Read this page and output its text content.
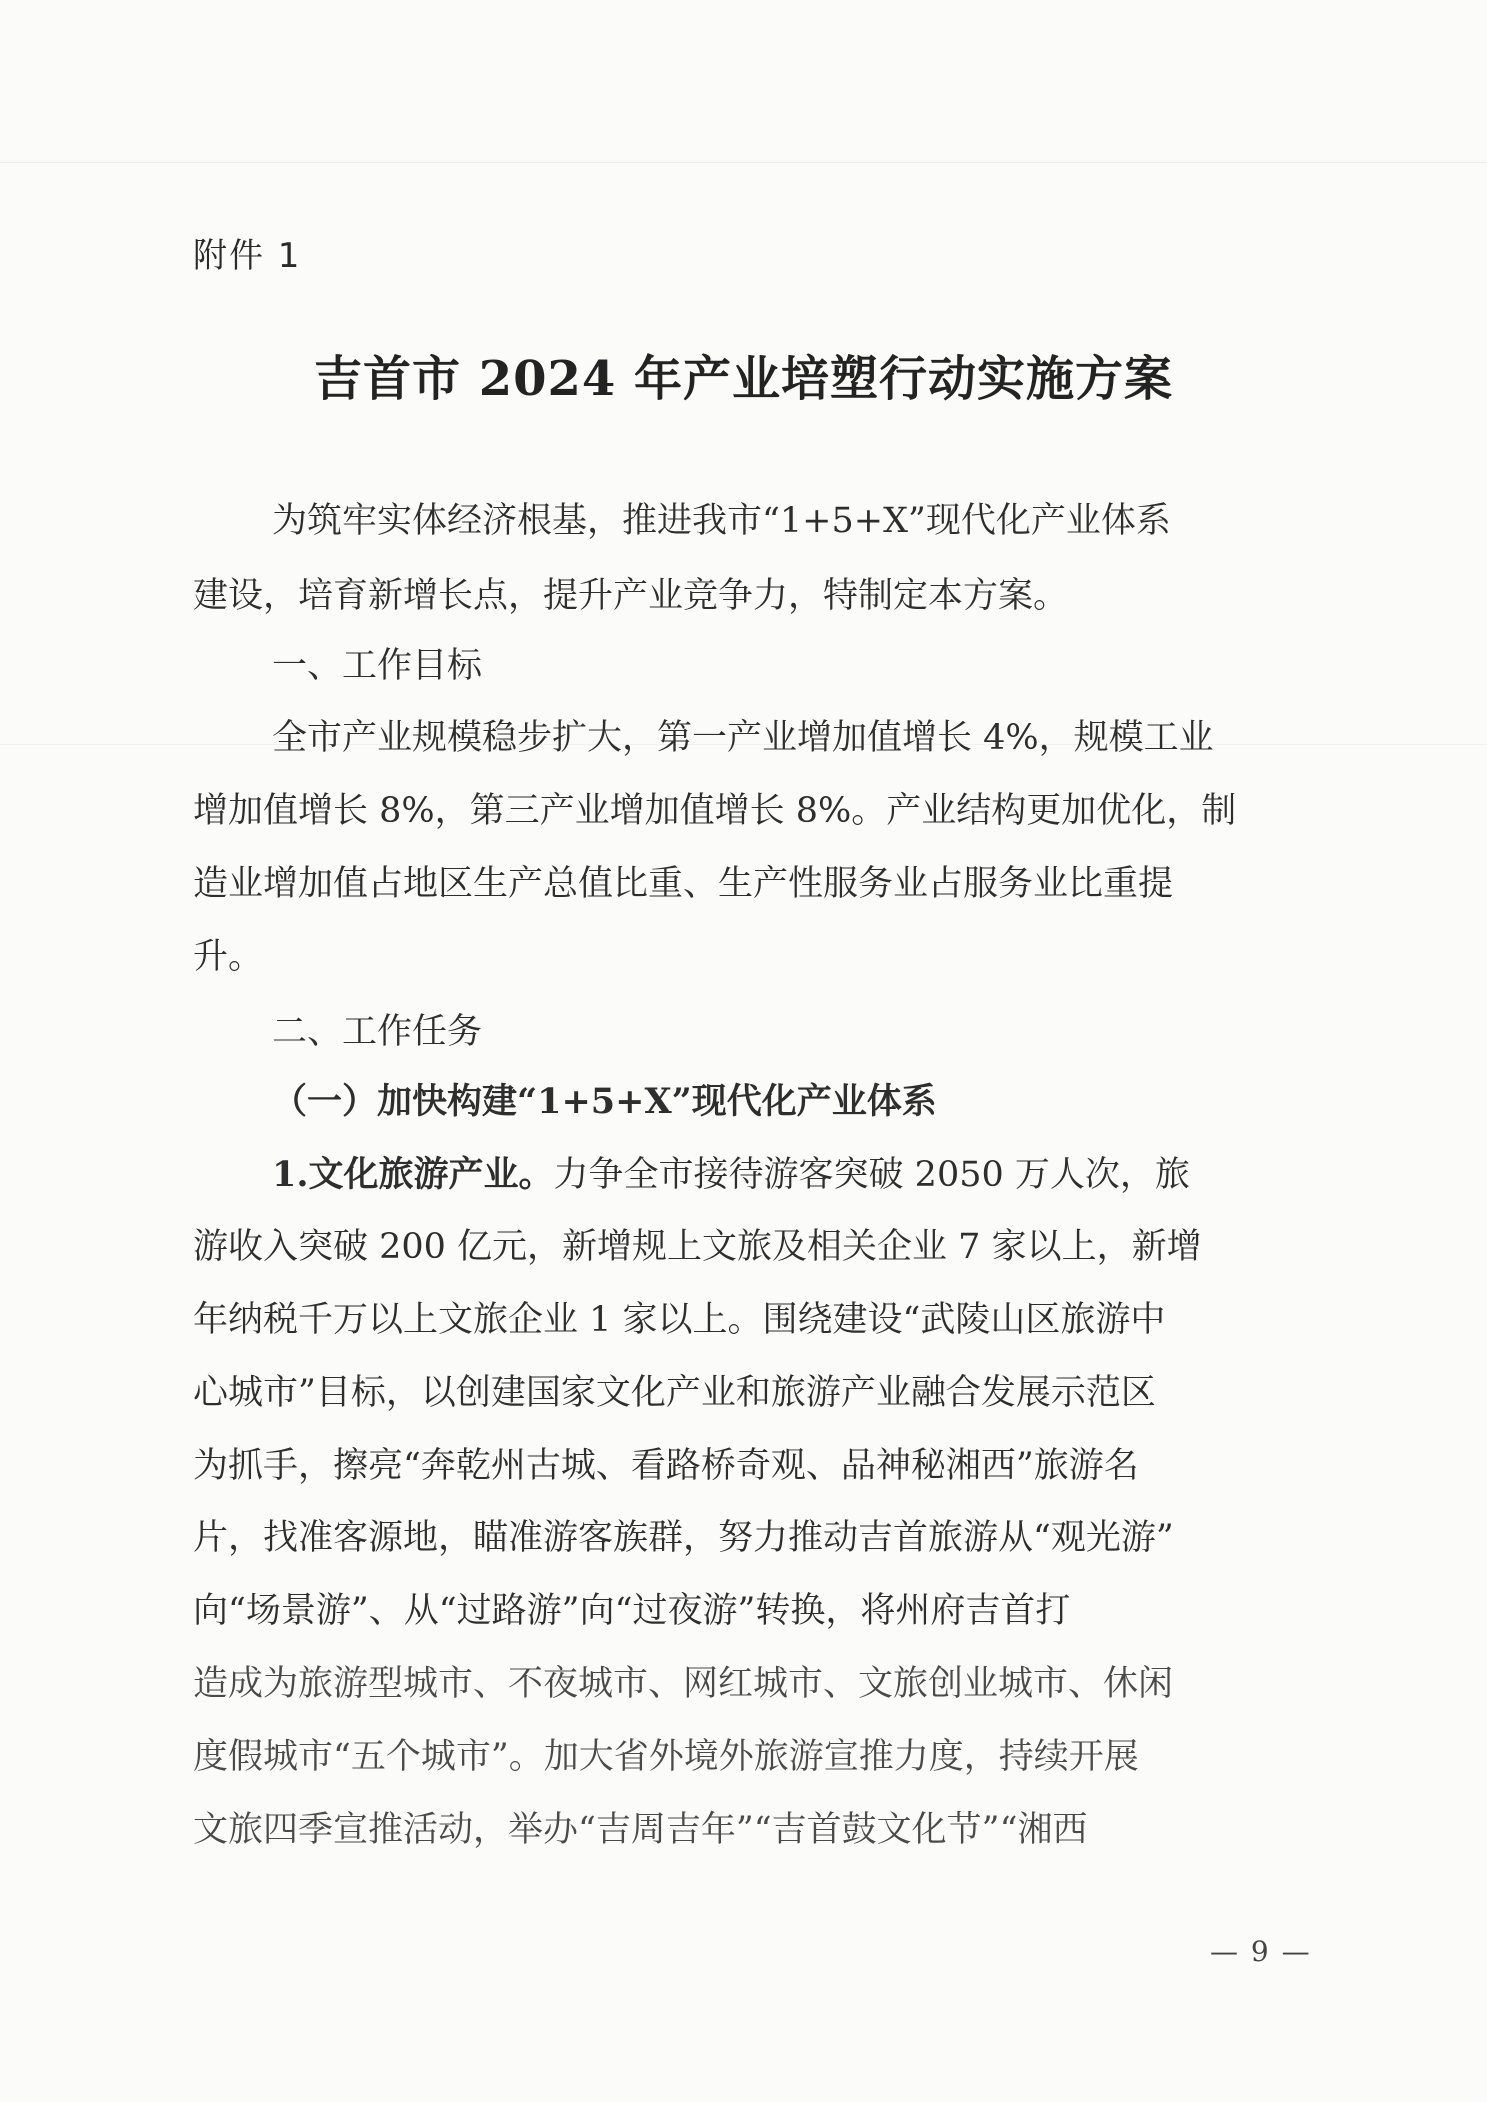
附件 1
吉首市 2024 年产业培塑行动实施方案
为筑牢实体经济根基，推进我市“1+5+X”现代化产业体系
建设，培育新增长点，提升产业竞争力，特制定本方案。
一、工作目标
全市产业规模稳步扩大，第一产业增加值增长 4%，规模工业
增加值增长 8%，第三产业增加值增长 8%。产业结构更加优化，制
造业增加值占地区生产总值比重、生产性服务业占服务业比重提
升。
二、工作任务
（一）加快构建“1+5+X”现代化产业体系
1.文化旅游产业。力争全市接待游客突破 2050 万人次，旅
游收入突破 200 亿元，新增规上文旅及相关企业 7 家以上，新增
年纳税千万以上文旅企业 1 家以上。围绕建设“武陵山区旅游中
心城市”目标，以创建国家文化产业和旅游产业融合发展示范区
为抓手，擦亮“奔乾州古城、看路桥奇观、品神秘湘西”旅游名
片，找准客源地，瞄准游客族群，努力推动吉首旅游从“观光游”
向“场景游”、从“过路游”向“过夜游”转换，将州府吉首打
造成为旅游型城市、不夜城市、网红城市、文旅创业城市、休闲
度假城市“五个城市”。加大省外境外旅游宣推力度，持续开展
文旅四季宣推活动，举办“吉周吉年”“吉首鼓文化节”“湘西
— 9 —
